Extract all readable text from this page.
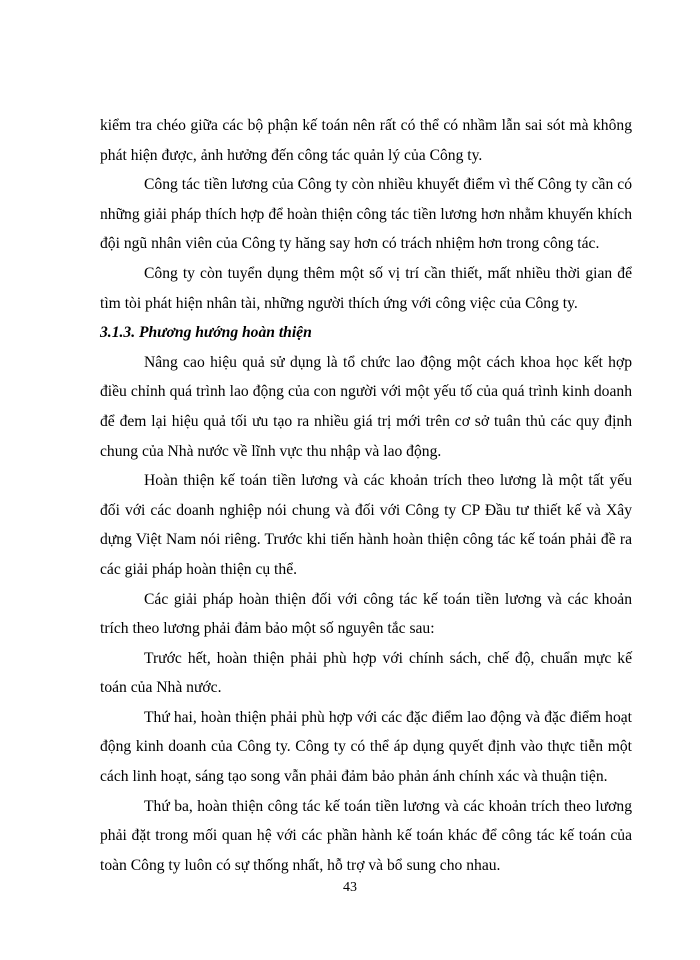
kiểm tra chéo giữa các bộ phận kế toán nên rất có thể có nhầm lẫn sai sót mà không phát hiện được, ảnh hưởng đến công tác quản lý của Công ty.

Công tác tiền lương của Công ty còn nhiều khuyết điểm vì thế Công ty cần có những giải pháp thích hợp để hoàn thiện công tác tiền lương hơn nhằm khuyến khích đội ngũ nhân viên của Công ty hăng say hơn có trách nhiệm hơn trong công tác.

Công ty còn tuyển dụng thêm một số vị trí cần thiết, mất nhiều thời gian để tìm tòi phát hiện nhân tài, những người thích ứng với công việc của Công ty.

3.1.3. Phương hướng hoàn thiện

Nâng cao hiệu quả sử dụng là tổ chức lao động một cách khoa học kết hợp điều chỉnh quá trình lao động của con người với một yếu tố của quá trình kinh doanh để đem lại hiệu quả tối ưu tạo ra nhiều giá trị mới trên cơ sở tuân thủ các quy định chung của Nhà nước về lĩnh vực thu nhập và lao động.

Hoàn thiện kế toán tiền lương và các khoản trích theo lương là một tất yếu đối với các doanh nghiệp nói chung và đối với Công ty CP Đầu tư thiết kế và Xây dựng Việt Nam nói riêng. Trước khi tiến hành hoàn thiện công tác kế toán phải đề ra các giải pháp hoàn thiện cụ thể.

Các giải pháp hoàn thiện đối với công tác kế toán tiền lương và các khoản trích theo lương phải đảm bảo một số nguyên tắc sau:

Trước hết, hoàn thiện phải phù hợp với chính sách, chế độ, chuẩn mực kế toán của Nhà nước.

Thứ hai, hoàn thiện phải phù hợp với các đặc điểm lao động và đặc điểm hoạt động kinh doanh của Công ty. Công ty có thể áp dụng quyết định vào thực tiễn một cách linh hoạt, sáng tạo song vẫn phải đảm bảo phản ánh chính xác và thuận tiện.

Thứ ba, hoàn thiện công tác kế toán tiền lương và các khoản trích theo lương phải đặt trong mối quan hệ với các phần hành kế toán khác để công tác kế toán của toàn Công ty luôn có sự thống nhất, hỗ trợ và bổ sung cho nhau.

43
